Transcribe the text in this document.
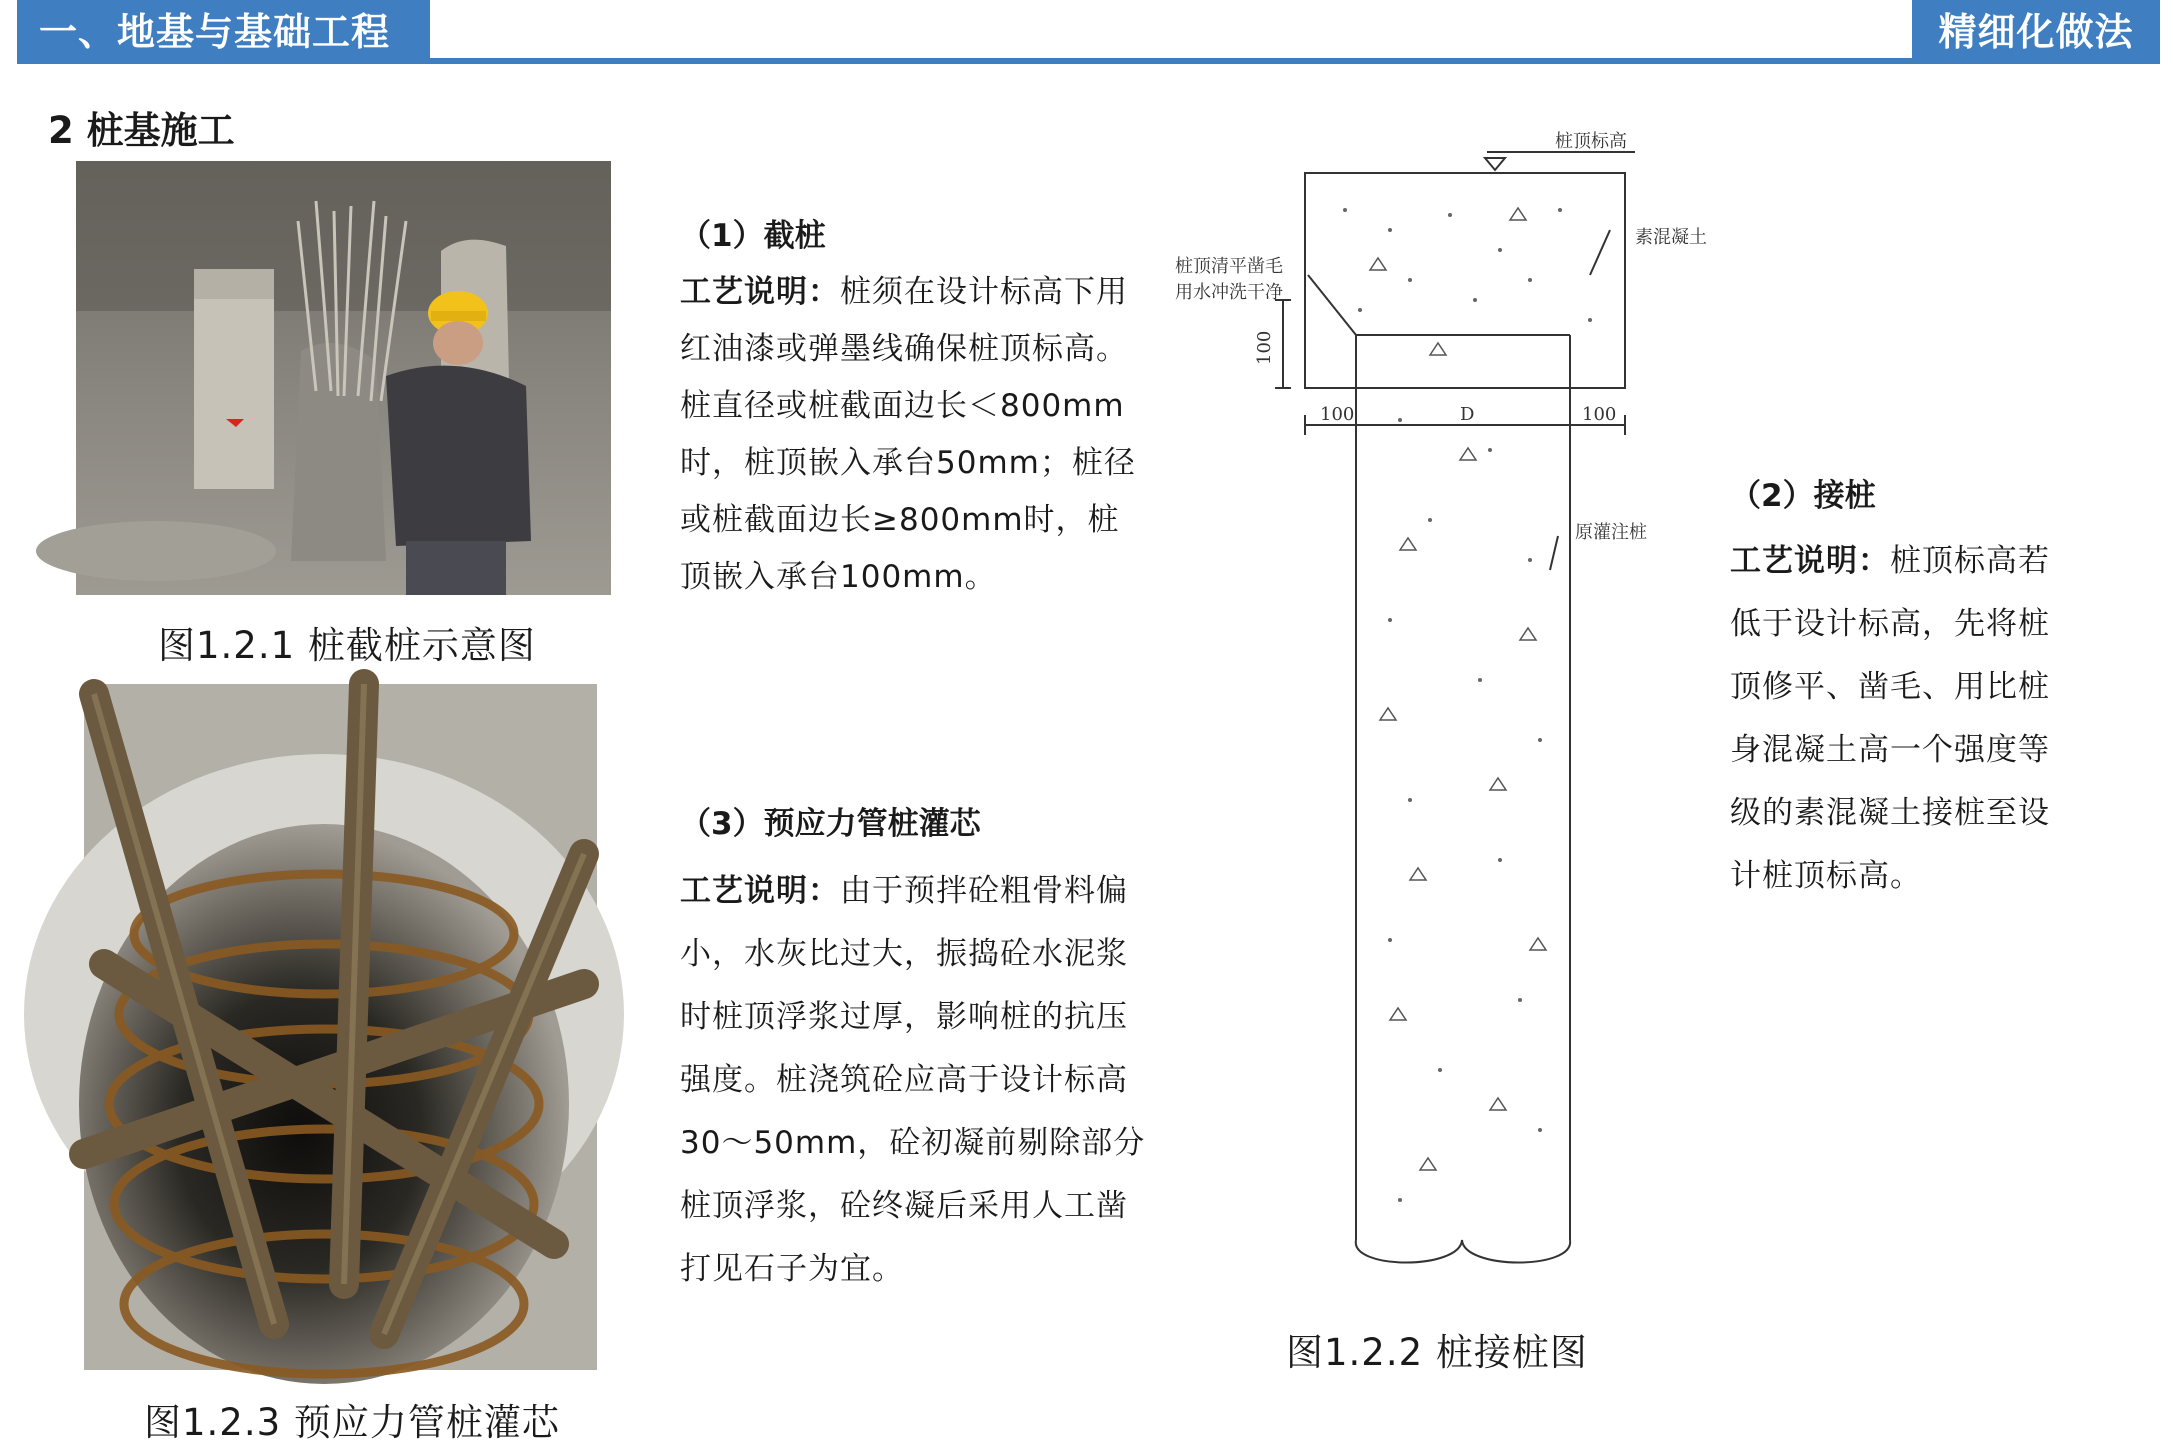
一、地基与基础工程	精细化做法
2 桩基施工
图1.2.1 桩截桩示意图
图1.2.3 预应力管桩灌芯
（1）截桩
工艺说明：桩须在设计标高下用红油漆或弹墨线确保桩顶标高。桩直径或桩截面边长＜800mm时，桩顶嵌入承台50mm；桩径或桩截面边长≥800mm时，桩顶嵌入承台100mm。
（3）预应力管桩灌芯
工艺说明：由于预拌砼粗骨料偏小，水灰比过大，振捣砼水泥浆时桩顶浮浆过厚，影响桩的抗压强度。桩浇筑砼应高于设计标高30～50mm，砼初凝前剔除部分桩顶浮浆，砼终凝后采用人工凿打见石子为宜。
桩顶标高
素混凝土
桩顶清平凿毛
用水冲洗干净
原灌注桩
100	D	100
100
图1.2.2 桩接桩图
（2）接桩
工艺说明：桩顶标高若低于设计标高，先将桩顶修平、凿毛、用比桩身混凝土高一个强度等级的素混凝土接桩至设计桩顶标高。
